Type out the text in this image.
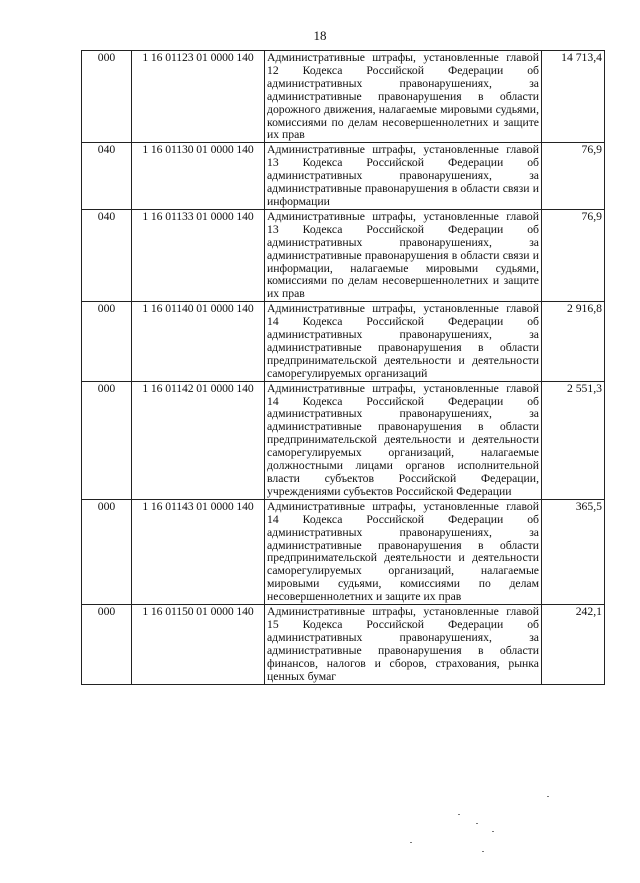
18
000	1 16 01123 01 0000 140	Административные штрафы, установленные главой 12 Кодекса Российской Федерации об административных правонарушениях, за административные правонарушения в области дорожного движения, налагаемые мировыми судьями, комиссиями по делам несовершеннолетних и защите их прав	14 713,4
040	1 16 01130 01 0000 140	Административные штрафы, установленные главой 13 Кодекса Российской Федерации об административных правонарушениях, за административные правонарушения в области связи и информации	76,9
040	1 16 01133 01 0000 140	Административные штрафы, установленные главой 13 Кодекса Российской Федерации об административных правонарушениях, за административные правонарушения в области связи и информации, налагаемые мировыми судьями, комиссиями по делам несовершеннолетних и защите их прав	76,9
000	1 16 01140 01 0000 140	Административные штрафы, установленные главой 14 Кодекса Российской Федерации об административных правонарушениях, за административные правонарушения в области предпринимательской деятельности и деятельности саморегулируемых организаций	2 916,8
000	1 16 01142 01 0000 140	Административные штрафы, установленные главой 14 Кодекса Российской Федерации об административных правонарушениях, за административные правонарушения в области предпринимательской деятельности и деятельности саморегулируемых организаций, налагаемые должностными лицами органов исполнительной власти субъектов Российской Федерации, учреждениями субъектов Российской Федерации	2 551,3
000	1 16 01143 01 0000 140	Административные штрафы, установленные главой 14 Кодекса Российской Федерации об административных правонарушениях, за административные правонарушения в области предпринимательской деятельности и деятельности саморегулируемых организаций, налагаемые мировыми судьями, комиссиями по делам несовершеннолетних и защите их прав	365,5
000	1 16 01150 01 0000 140	Административные штрафы, установленные главой 15 Кодекса Российской Федерации об административных правонарушениях, за административные правонарушения в области финансов, налогов и сборов, страхования, рынка ценных бумаг	242,1
